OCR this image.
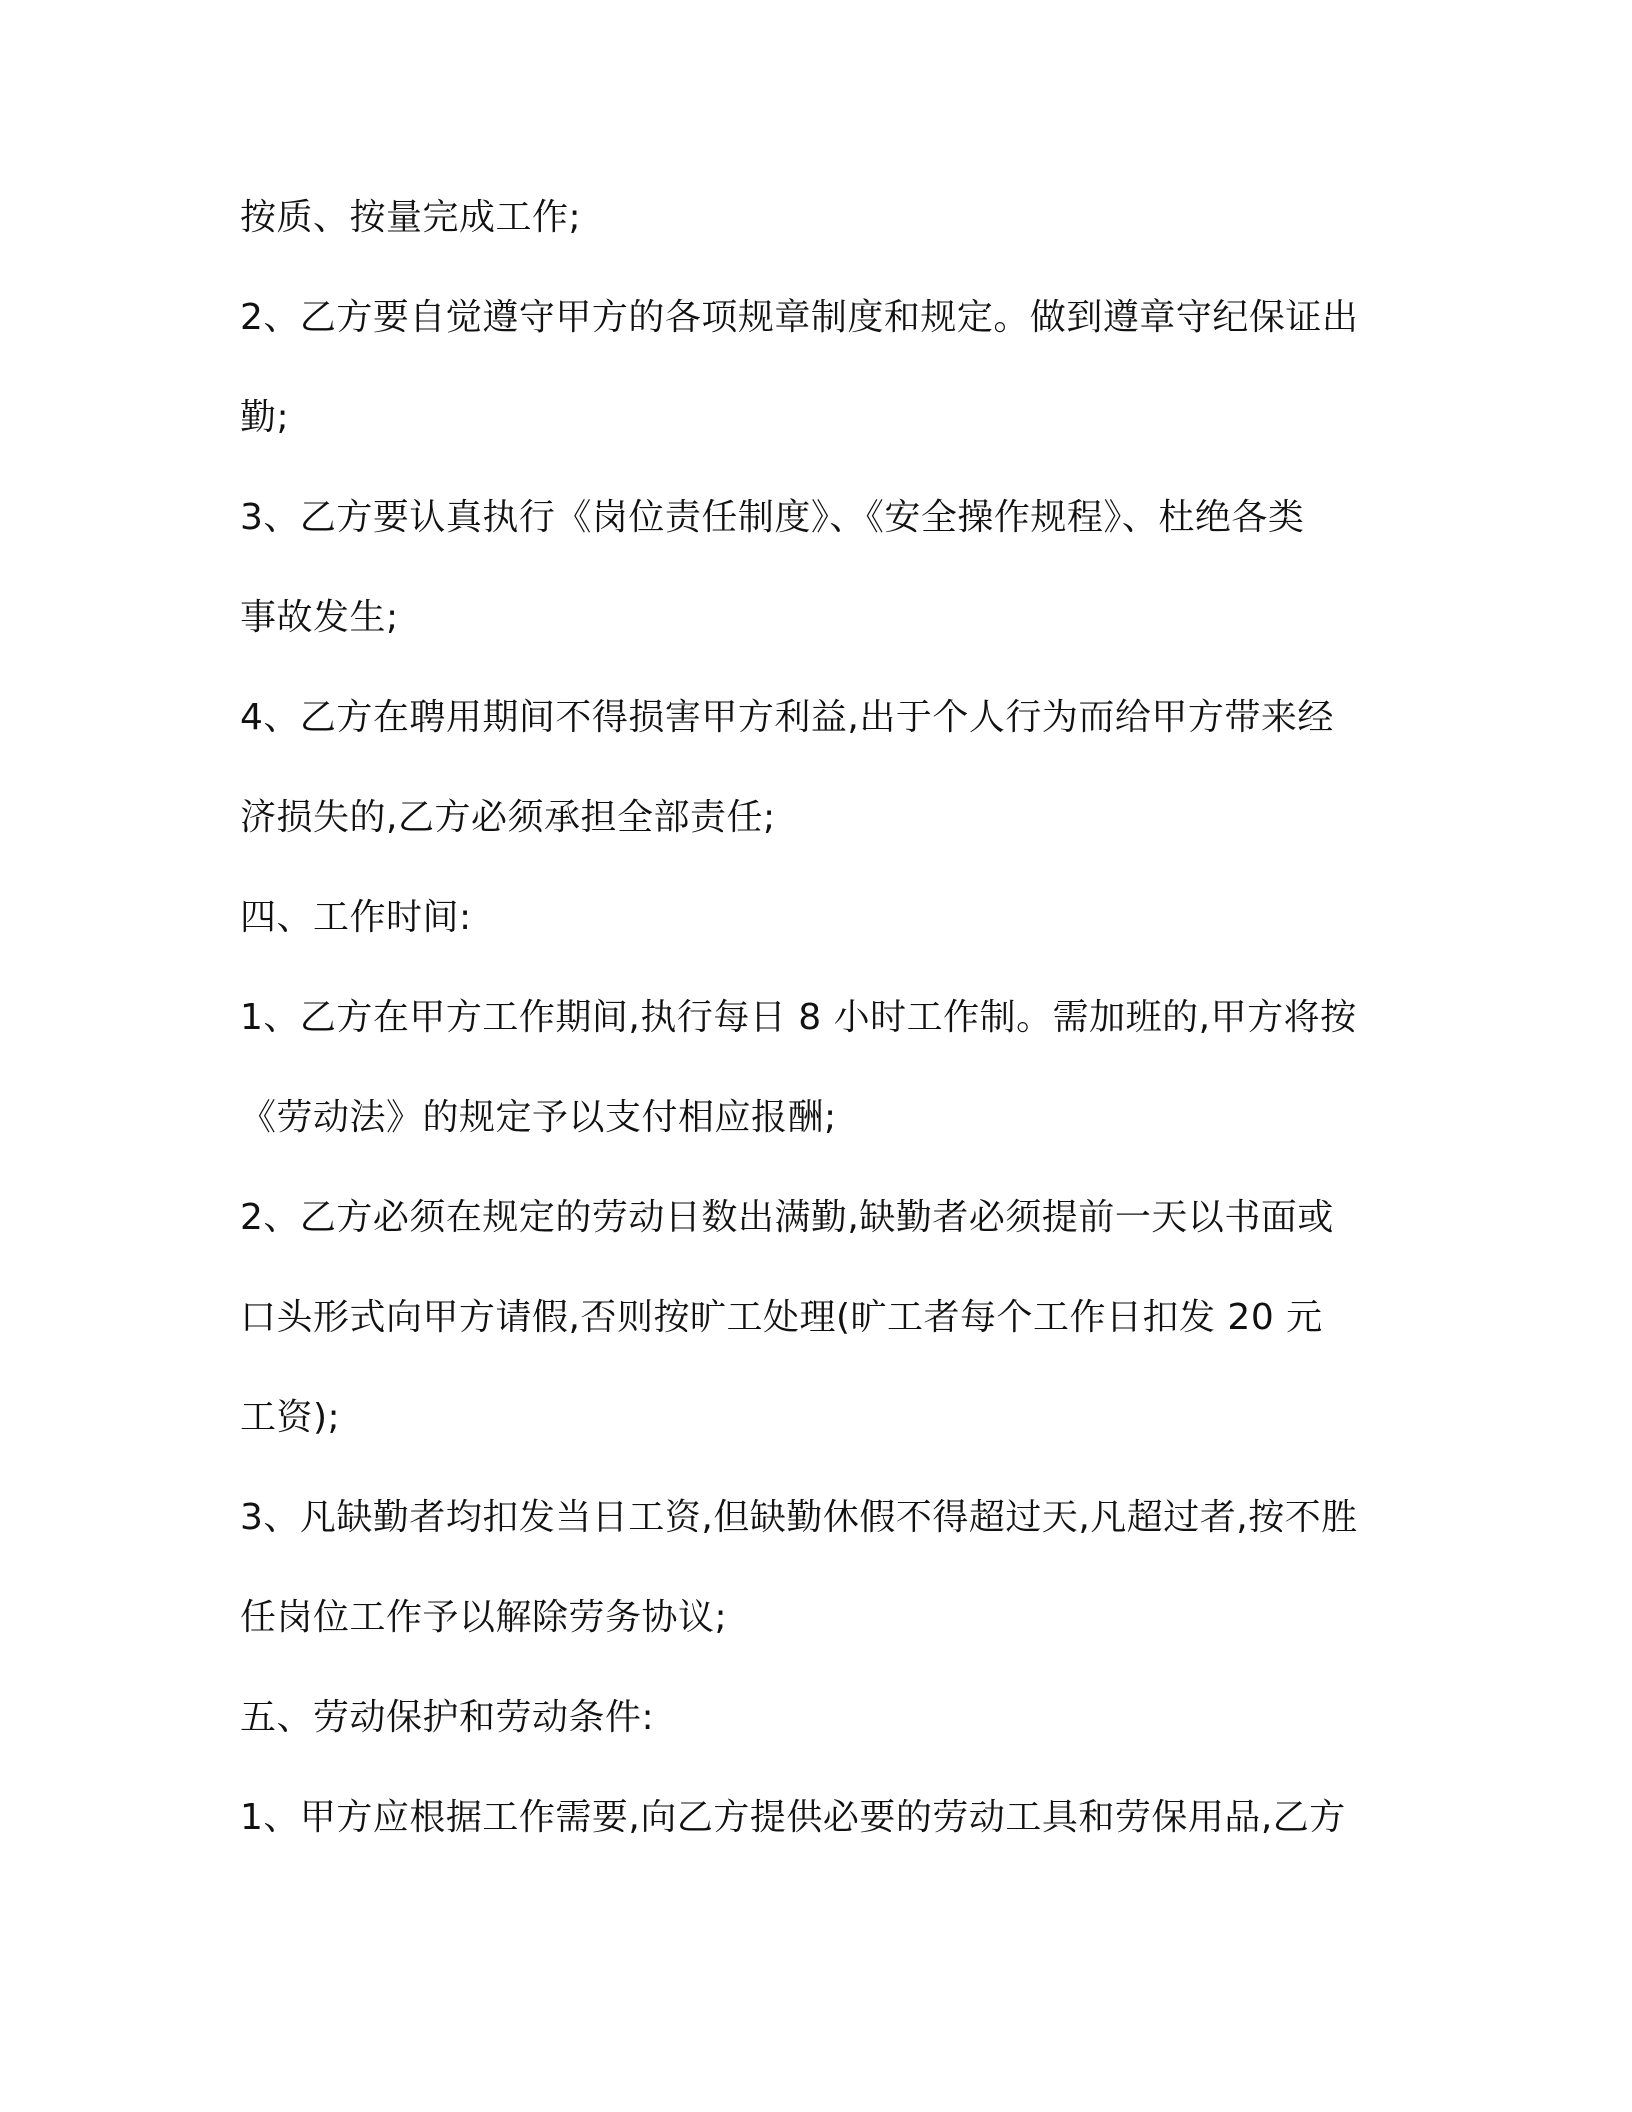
按质、按量完成工作;
2、乙方要自觉遵守甲方的各项规章制度和规定。做到遵章守纪保证出
勤;
3、乙方要认真执行《岗位责任制度》、《安全操作规程》、杜绝各类
事故发生;
4、乙方在聘用期间不得损害甲方利益,出于个人行为而给甲方带来经
济损失的,乙方必须承担全部责任;
四、工作时间:
1、乙方在甲方工作期间,执行每日 8 小时工作制。需加班的,甲方将按
《劳动法》的规定予以支付相应报酬;
2、乙方必须在规定的劳动日数出满勤,缺勤者必须提前一天以书面或
口头形式向甲方请假,否则按旷工处理(旷工者每个工作日扣发 20 元
工资);
3、凡缺勤者均扣发当日工资,但缺勤休假不得超过天,凡超过者,按不胜
任岗位工作予以解除劳务协议;
五、劳动保护和劳动条件:
1、甲方应根据工作需要,向乙方提供必要的劳动工具和劳保用品,乙方
